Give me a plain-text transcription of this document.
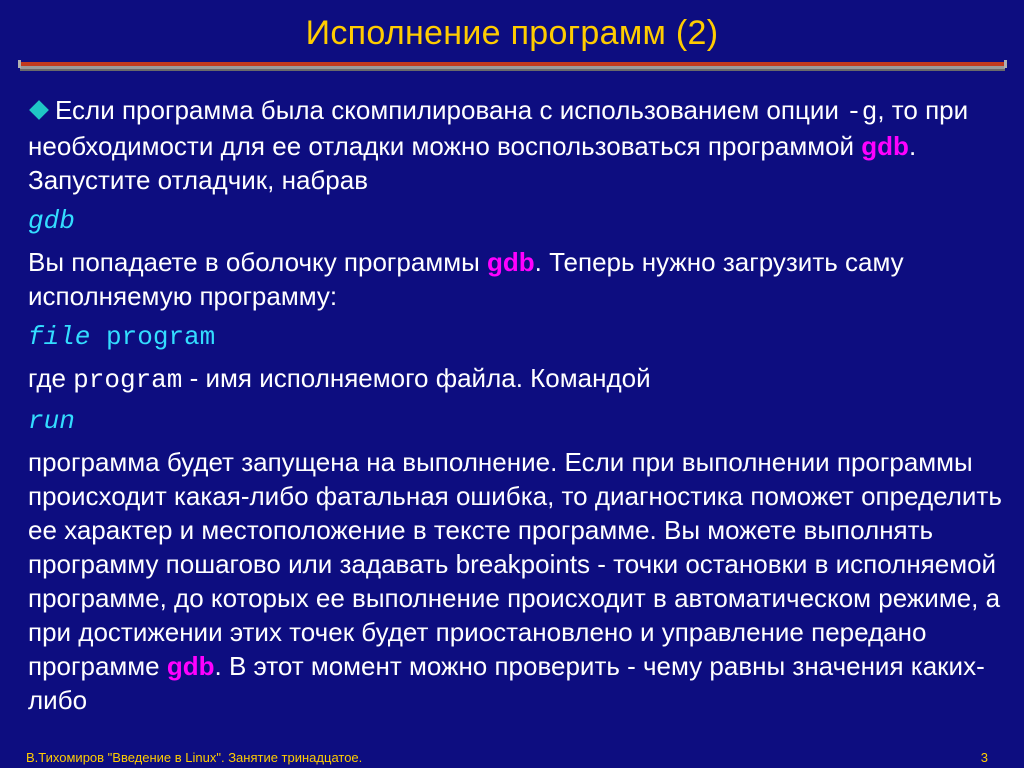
Исполнение программ (2)

Если программа была скомпилирована с использованием опции -g, то при необходимости для ее отладки можно воспользоваться программой gdb. Запустите отладчик, набрав

gdb

Вы попадаете в оболочку программы gdb. Теперь нужно загрузить саму исполняемую программу:

file program

где program - имя исполняемого файла. Командой

run

программа будет запущена на выполнение. Если при выполнении программы происходит какая-либо фатальная ошибка, то диагностика поможет определить ее характер и местоположение в тексте программе. Вы можете выполнять программу пошагово или задавать breakpoints - точки остановки в исполняемой программе, до которых ее выполнение происходит в автоматическом режиме, а при достижении этих точек будет приостановлено и управление передано программе gdb. В этот момент можно проверить - чему равны значения каких-либо

В.Тихомиров "Введение в Linux". Занятие тринадцатое.	3
